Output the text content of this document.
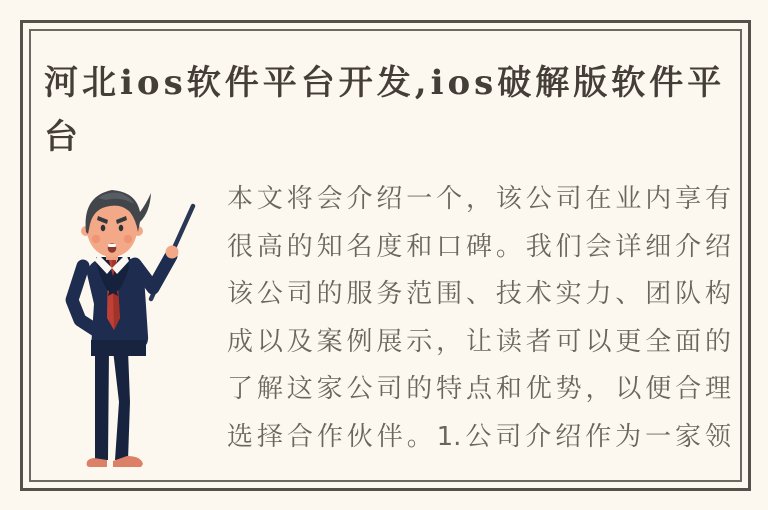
河北ios软件平台开发,ios破解版软件平
台
本文将会介绍一个，该公司在业内享有
很高的知名度和口碑。我们会详细介绍
该公司的服务范围、技术实力、团队构
成以及案例展示，让读者可以更全面的
了解这家公司的特点和优势，以便合理
选择合作伙伴。1.公司介绍作为一家领
